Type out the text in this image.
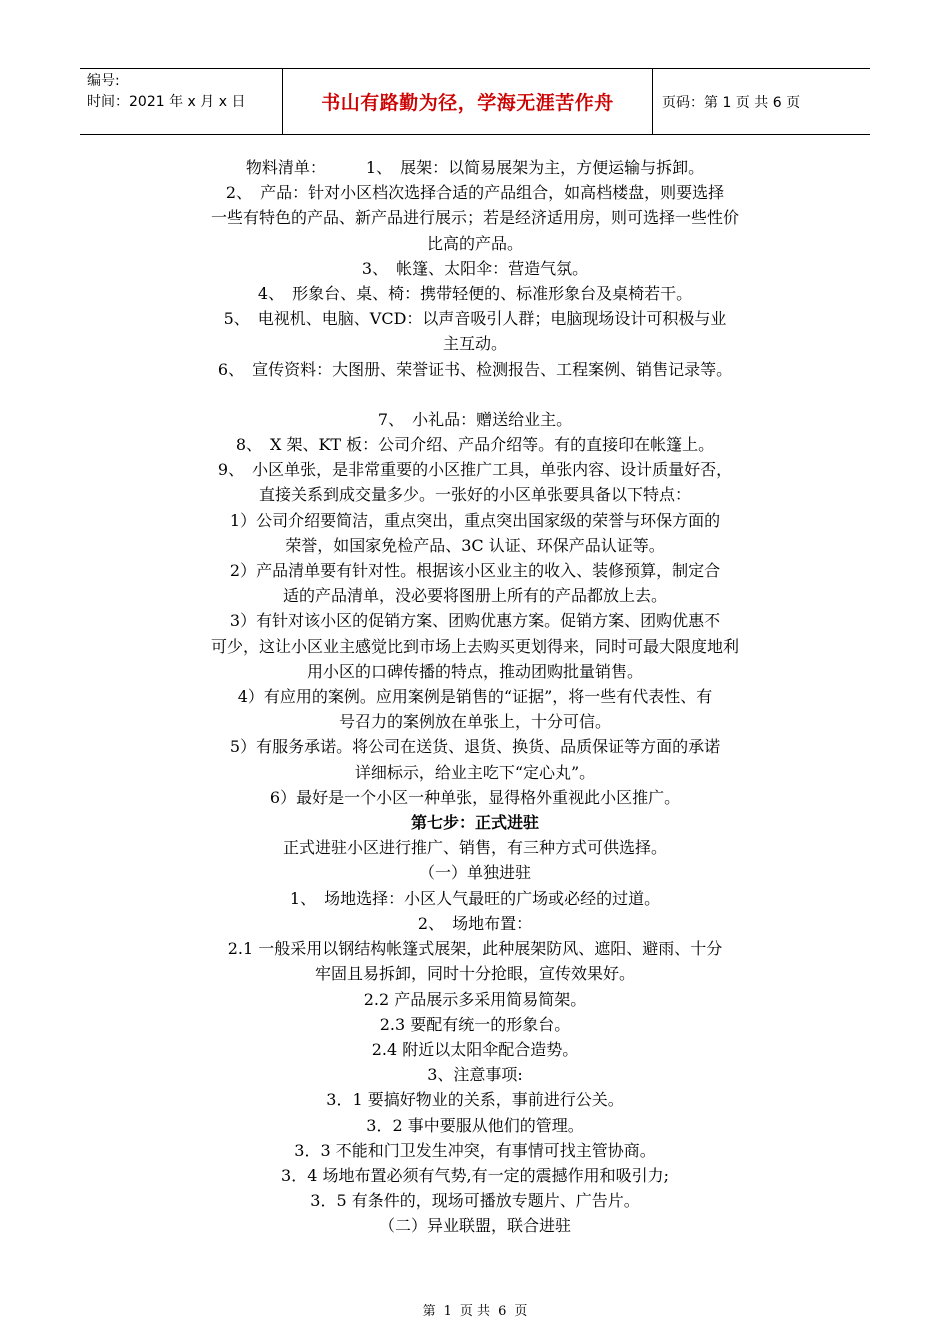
编号:
时间：2021 年 x 月 x 日	书山有路勤为径，学海无涯苦作舟	页码：第 1 页 共 6 页

物料清单：　　　1、　展架：以简易展架为主，方便运输与拆卸。

2、　产品：针对小区档次选择合适的产品组合，如高档楼盘，则要选择

一些有特色的产品、新产品进行展示；若是经济适用房，则可选择一些性价

比高的产品。

3、　帐篷、太阳伞：营造气氛。

4、　形象台、桌、椅：携带轻便的、标准形象台及桌椅若干。

5、　电视机、电脑、VCD：以声音吸引人群；电脑现场设计可积极与业

主互动。

6、　宣传资料：大图册、荣誉证书、检测报告、工程案例、销售记录等。

7、　小礼品：赠送给业主。

8、　X 架、KT 板：公司介绍、产品介绍等。有的直接印在帐篷上。

9、　小区单张，是非常重要的小区推广工具，单张内容、设计质量好否，

直接关系到成交量多少。一张好的小区单张要具备以下特点：

1）公司介绍要简洁，重点突出，重点突出国家级的荣誉与环保方面的

荣誉，如国家免检产品、3C 认证、环保产品认证等。

2）产品清单要有针对性。根据该小区业主的收入、装修预算，制定合

适的产品清单，没必要将图册上所有的产品都放上去。

3）有针对该小区的促销方案、团购优惠方案。促销方案、团购优惠不

可少，这让小区业主感觉比到市场上去购买更划得来，同时可最大限度地利

用小区的口碑传播的特点，推动团购批量销售。

4）有应用的案例。应用案例是销售的“证据”，将一些有代表性、有

号召力的案例放在单张上，十分可信。

5）有服务承诺。将公司在送货、退货、换货、品质保证等方面的承诺

详细标示，给业主吃下“定心丸”。

6）最好是一个小区一种单张，显得格外重视此小区推广。

第七步：正式进驻

正式进驻小区进行推广、销售，有三种方式可供选择。

（一）单独进驻

1、　场地选择：小区人气最旺的广场或必经的过道。

2、　场地布置：

2.1 一般采用以钢结构帐篷式展架，此种展架防风、遮阳、避雨、十分

牢固且易拆卸，同时十分抢眼，宣传效果好。

2.2 产品展示多采用简易简架。

2.3 要配有统一的形象台。

2.4 附近以太阳伞配合造势。

3、注意事项:

3．1 要搞好物业的关系，事前进行公关。

3．2 事中要服从他们的管理。

3．3 不能和门卫发生冲突，有事情可找主管协商。

3．4 场地布置必须有气势,有一定的震撼作用和吸引力;

3．5 有条件的，现场可播放专题片、广告片。

（二）异业联盟，联合进驻

第 1 页 共 6 页
